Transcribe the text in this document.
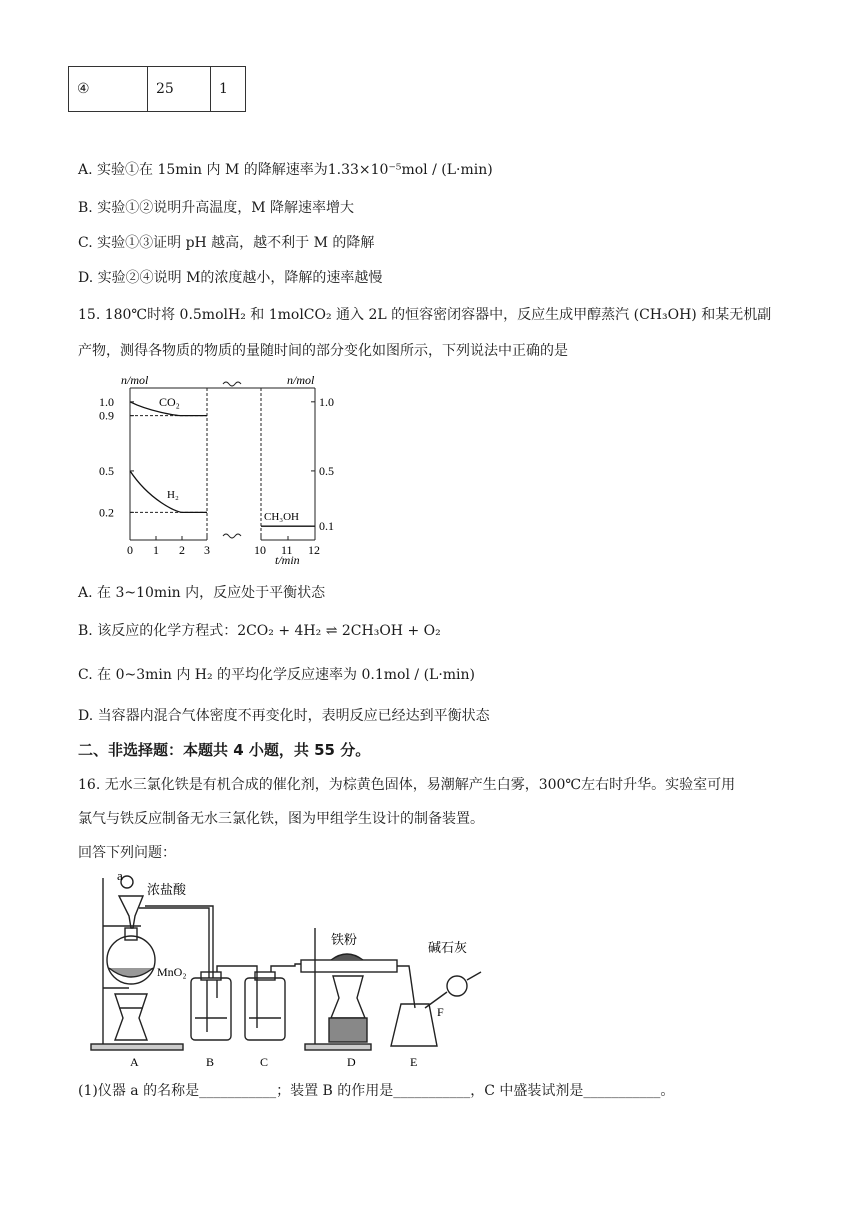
④	25	1
A. 实验①在 15min 内 M 的降解速率为1.33×10⁻⁵mol / (L·min)
B. 实验①②说明升高温度，M 降解速率增大
C. 实验①③证明 pH 越高，越不利于 M 的降解
D. 实验②④说明 M的浓度越小，降解的速率越慢
15. 180℃时将 0.5molH₂ 和 1molCO₂ 通入 2L 的恒容密闭容器中，反应生成甲醇蒸汽 (CH₃OH) 和某无机副
产物，测得各物质的物质的量随时间的部分变化如图所示，下列说法中正确的是
1.0
0.9
0.5
0.2
1.0
0.5
0.1
0 1 2 3	10 11 12
n/mol	n/mol
t/min
CO₂
H₂
CH₃OH
A. 在 3~10min 内，反应处于平衡状态
B. 该反应的化学方程式：2CO₂ + 4H₂ ⇌ 2CH₃OH + O₂
C. 在 0~3min 内 H₂ 的平均化学反应速率为 0.1mol / (L·min)
D. 当容器内混合气体密度不再变化时，表明反应已经达到平衡状态
二、非选择题：本题共 4 小题，共 55 分。
16. 无水三氯化铁是有机合成的催化剂，为棕黄色固体，易潮解产生白雾，300℃左右时升华。实验室可用
氯气与铁反应制备无水三氯化铁，图为甲组学生设计的制备装置。
回答下列问题：
a
浓盐酸
MnO₂
铁粉
碱石灰
F
A	B	C	D	E
(1)仪器 a 的名称是___________；装置 B 的作用是___________，C 中盛装试剂是___________。
